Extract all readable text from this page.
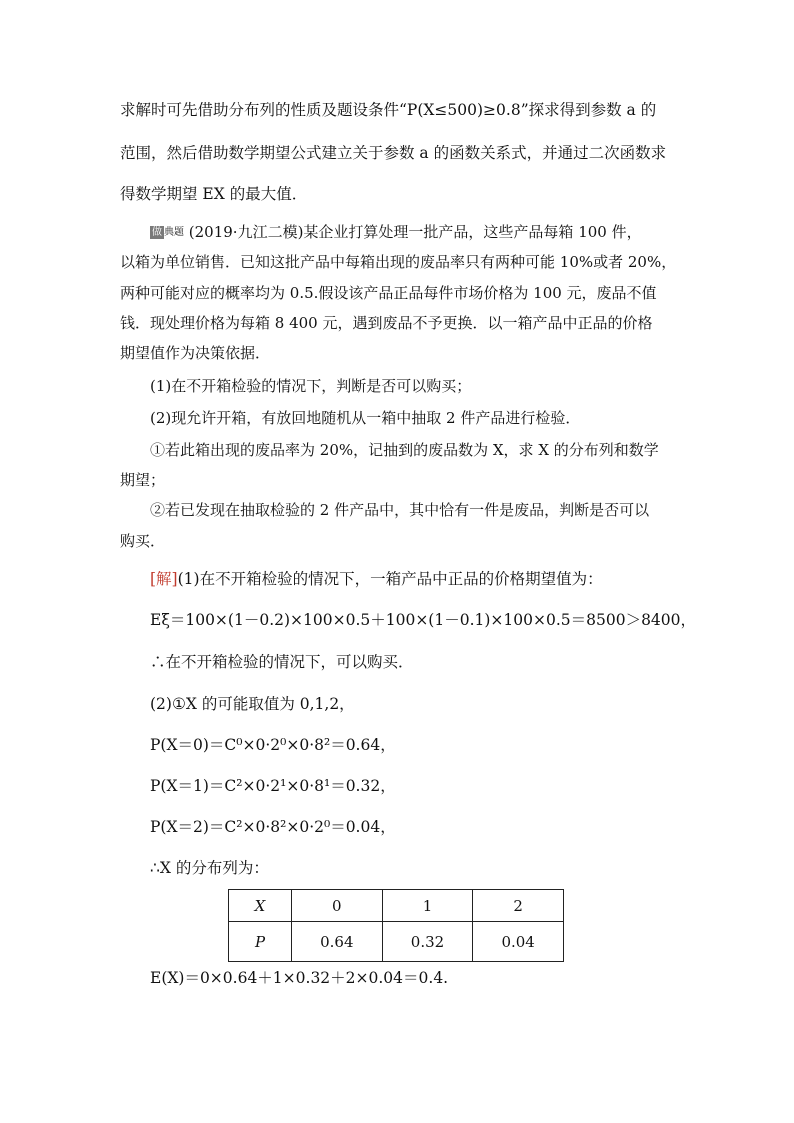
求解时可先借助分布列的性质及题设条件“P(X≤500)≥0.8”探求得到参数 a 的
范围，然后借助数学期望公式建立关于参数 a 的函数关系式，并通过二次函数求
得数学期望 EX 的最大值．
做 典题 (2019·九江二模)某企业打算处理一批产品，这些产品每箱 100 件，
以箱为单位销售．已知这批产品中每箱出现的废品率只有两种可能 10%或者 20%，
两种可能对应的概率均为 0.5.假设该产品正品每件市场价格为 100 元，废品不值
钱．现处理价格为每箱 8 400 元，遇到废品不予更换．以一箱产品中正品的价格
期望值作为决策依据．
(1)在不开箱检验的情况下，判断是否可以购买；
(2)现允许开箱，有放回地随机从一箱中抽取 2 件产品进行检验．
①若此箱出现的废品率为 20%，记抽到的废品数为 X，求 X 的分布列和数学
期望；
②若已发现在抽取检验的 2 件产品中，其中恰有一件是废品，判断是否可以
购买．
[解](1)在不开箱检验的情况下，一箱产品中正品的价格期望值为：
Eξ＝100×(1－0.2)×100×0.5＋100×(1－0.1)×100×0.5＝8500＞8400，
∴在不开箱检验的情况下，可以购买．
(2)①X 的可能取值为 0,1,2，
P(X＝0)＝C⁰×0·2⁰×0·8²＝0.64，
P(X＝1)＝C²×0·2¹×0·8¹＝0.32，
P(X＝2)＝C²×0·8²×0·2⁰＝0.04，
∴X 的分布列为：
X	0	1	2
P	0.64	0.32	0.04
E(X)＝0×0.64＋1×0.32＋2×0.04＝0.4.
